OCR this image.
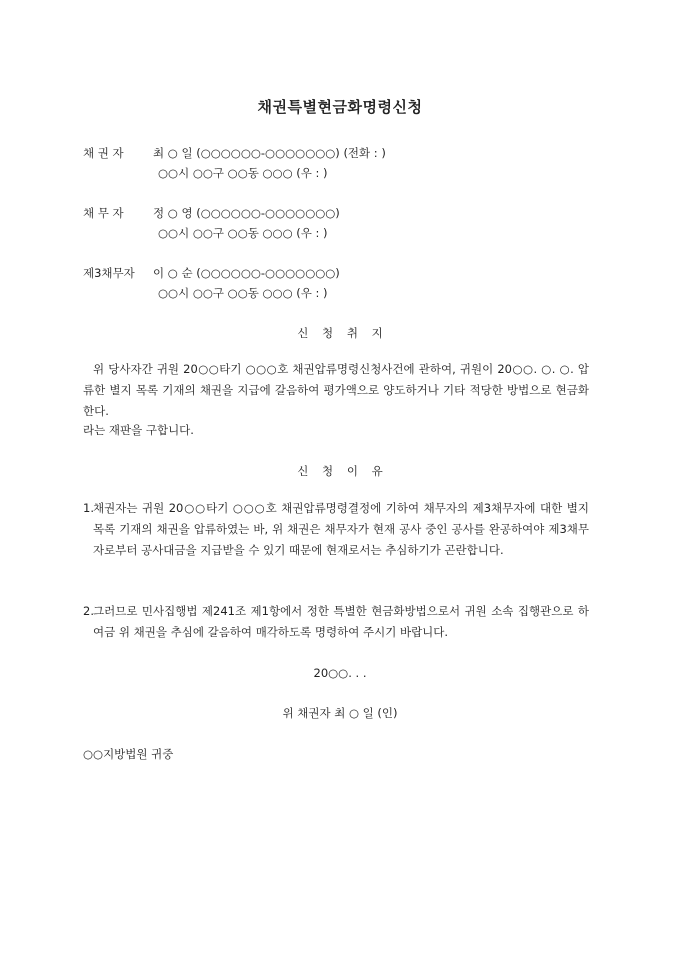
채권특별현금화명령신청
채 권 자	최 ○ 일 (○○○○○○-○○○○○○○) (전화 : )
○○시 ○○구 ○○동 ○○○ (우 : )
채 무 자	정 ○ 영 (○○○○○○-○○○○○○○)
○○시 ○○구 ○○동 ○○○ (우 : )
제3채무자 이 ○ 순 (○○○○○○-○○○○○○○)
○○시 ○○구 ○○동 ○○○ (우 : )
신 청 취 지
위 당사자간 귀원 20○○타기 ○○○호 채권압류명령신청사건에 관하여, 귀원이 20○○. ○. ○. 압류한 별지 목록 기재의 채권을 지급에 갈음하여 평가액으로 양도하거나 기타 적당한 방법으로 현금화한다.
라는 재판을 구합니다.
신 청 이 유
1. 채권자는 귀원 20○○타기 ○○○호 채권압류명령결정에 기하여 채무자의 제3채무자에 대한 별지 목록 기재의 채권을 압류하였는 바, 위 채권은 채무자가 현재 공사 중인 공사를 완공하여야 제3채무자로부터 공사대금을 지급받을 수 있기 때문에 현재로서는 추심하기가 곤란합니다.
2. 그러므로 민사집행법 제241조 제1항에서 정한 특별한 현금화방법으로서 귀원 소속 집행관으로 하여금 위 채권을 추심에 갈음하여 매각하도록 명령하여 주시기 바랍니다.
20○○. . .
위 채권자 최 ○ 일 (인)
○○지방법원 귀중
